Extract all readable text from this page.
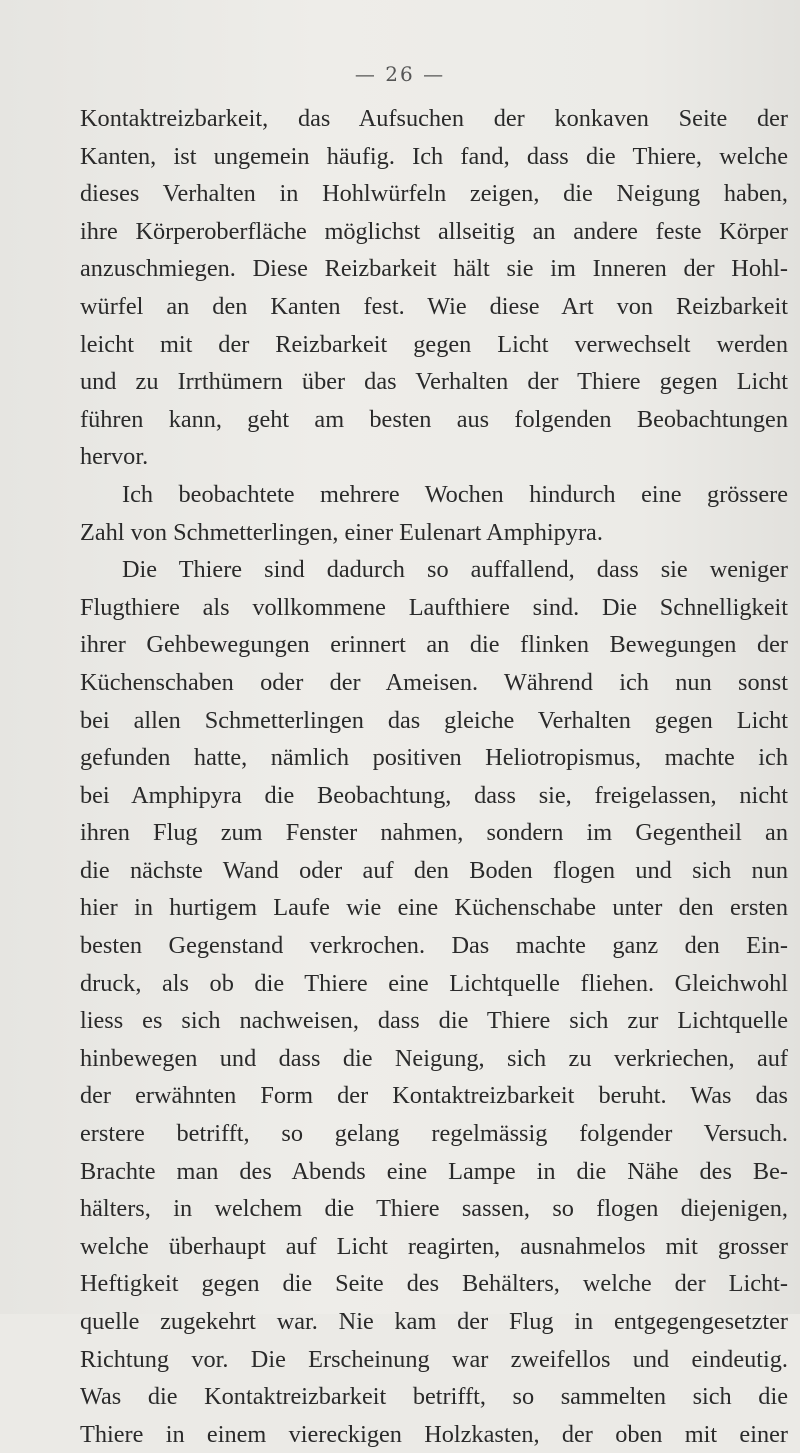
— 26 —
Kontaktreizbarkeit, das Aufsuchen der konkaven Seite der
Kanten, ist ungemein häufig. Ich fand, dass die Thiere, welche
dieses Verhalten in Hohlwürfeln zeigen, die Neigung haben,
ihre Körperoberfläche möglichst allseitig an andere feste Körper
anzuschmiegen. Diese Reizbarkeit hält sie im Inneren der Hohl-
würfel an den Kanten fest. Wie diese Art von Reizbarkeit
leicht mit der Reizbarkeit gegen Licht verwechselt werden
und zu Irrthümern über das Verhalten der Thiere gegen Licht
führen kann, geht am besten aus folgenden Beobachtungen
hervor.
Ich beobachtete mehrere Wochen hindurch eine grössere
Zahl von Schmetterlingen, einer Eulenart Amphipyra.
Die Thiere sind dadurch so auffallend, dass sie weniger
Flugthiere als vollkommene Laufthiere sind. Die Schnelligkeit
ihrer Gehbewegungen erinnert an die flinken Bewegungen der
Küchenschaben oder der Ameisen. Während ich nun sonst
bei allen Schmetterlingen das gleiche Verhalten gegen Licht
gefunden hatte, nämlich positiven Heliotropismus, machte ich
bei Amphipyra die Beobachtung, dass sie, freigelassen, nicht
ihren Flug zum Fenster nahmen, sondern im Gegentheil an
die nächste Wand oder auf den Boden flogen und sich nun
hier in hurtigem Laufe wie eine Küchenschabe unter den ersten
besten Gegenstand verkrochen. Das machte ganz den Ein-
druck, als ob die Thiere eine Lichtquelle fliehen. Gleichwohl
liess es sich nachweisen, dass die Thiere sich zur Lichtquelle
hinbewegen und dass die Neigung, sich zu verkriechen, auf
der erwähnten Form der Kontaktreizbarkeit beruht. Was das
erstere betrifft, so gelang regelmässig folgender Versuch.
Brachte man des Abends eine Lampe in die Nähe des Be-
hälters, in welchem die Thiere sassen, so flogen diejenigen,
welche überhaupt auf Licht reagirten, ausnahmelos mit grosser
Heftigkeit gegen die Seite des Behälters, welche der Licht-
quelle zugekehrt war. Nie kam der Flug in entgegengesetzter
Richtung vor. Die Erscheinung war zweifellos und eindeutig.
Was die Kontaktreizbarkeit betrifft, so sammelten sich die
Thiere in einem viereckigen Holzkasten, der oben mit einer
